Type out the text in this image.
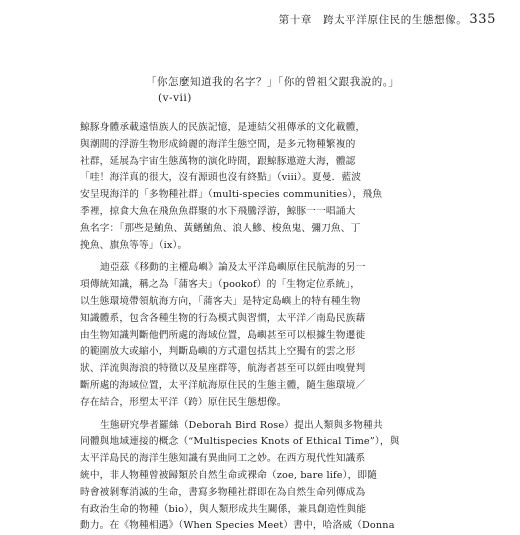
第十章　跨太平洋原住民的生態想像。 335
「你怎麼知道我的名字？」「你的曾祖父跟我說的。」
(v-vii)
鯨豚身體承載遠悟族人的民族記憶，是連結父祖傳承的文化載體，
與潮間的浮游生物形成綺麗的海洋生態空間，是多元物種繁複的
社群，延展為宇宙生態萬物的演化時間，跟鯨豚遨遊大海，體認
「哇！海洋真的很大，沒有源頭也沒有終點」（viii）。夏曼．藍波
安呈現海洋的「多物種社群」（multi-species communities），飛魚
季裡，掠食大魚在飛魚魚群聚的水下飛騰浮游，鯨豚一一唱誦大
魚名字：「那些是鮪魚、黃鰭鮪魚、浪人鰺、梭魚鬼、彌刀魚、丁
挽魚、旗魚等等」（ix）。
迪亞茲《移動的主權島嶼》論及太平洋島嶼原住民航海的另一
項傳統知識，稱之為「蒲客夫」（pookof）的「生物定位系統」，
以生態環境帶領航海方向，「蒲客夫」是特定島嶼上的特有種生物
知識體系，包含各種生物的行為模式與習慣，太平洋／南島民族藉
由生物知識判斷他們所處的海域位置，島嶼甚至可以根據生物遷徙
的範圍放大或縮小，判斷島嶼的方式還包括其上空獨有的雲之形
狀、洋流與海浪的特徵以及星座群等，航海者甚至可以經由嗅覺判
斷所處的海域位置，太平洋航海原住民的生態主體，隨生態環境／
存在結合，形塑太平洋（跨）原住民生態想像。
生態研究學者羅絲（Deborah Bird Rose）提出人類與多物種共
同體與地域連接的概念（“Multispecies Knots of Ethical Time”），與
太平洋島民的海洋生態知識有異曲同工之妙。在西方現代性知識系
統中，非人物種曾被歸類於自然生命或裸命（zoe, bare life），即隨
時會被剝奪消滅的生命，書寫多物種社群即在為自然生命列傳成為
有政治生命的物種（bio），與人類形成共生關係，兼具創造性與能
動力。在《物種相遇》（When Species Meet）書中，哈洛威（Donna
